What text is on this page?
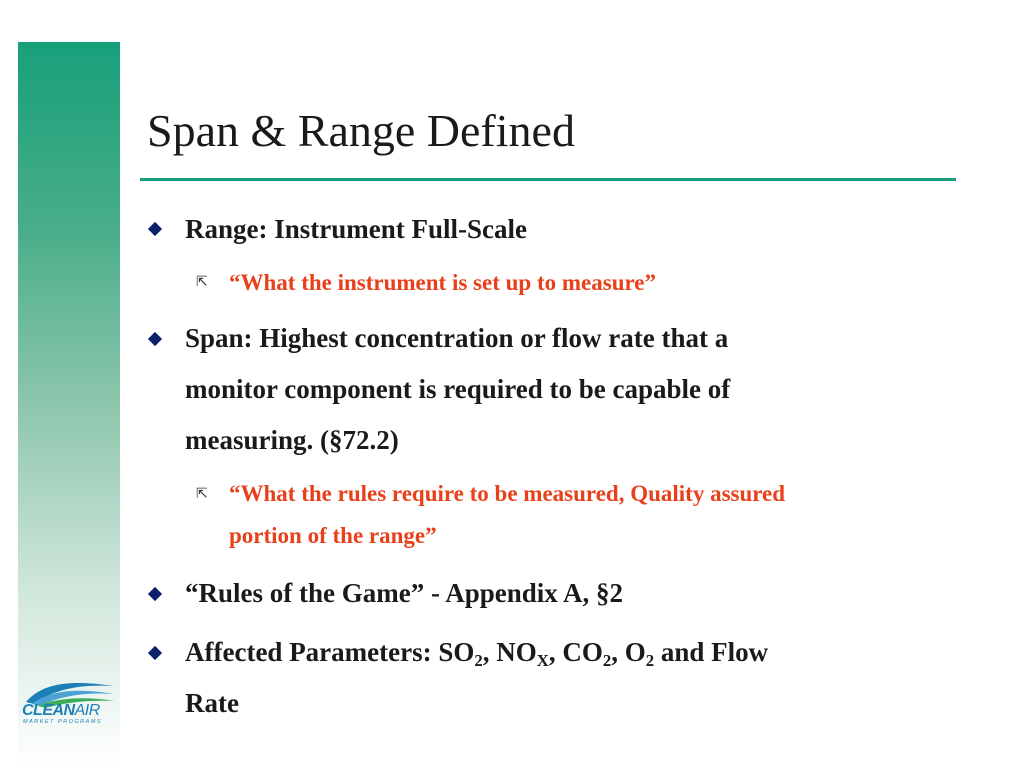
Span & Range Defined
Range: Instrument Full-Scale
⇱ “What the instrument is set up to measure”
Span: Highest concentration or flow rate that a
monitor component is required to be capable of
measuring. (§72.2)
⇱ “What the rules require to be measured, Quality assured
portion of the range”
“Rules of the Game” - Appendix A, §2
Affected Parameters: $SO_2$, $NO_X$, $CO_2$, $O_2$ and Flow
Rate
CLEANAIR
MARKET PROGRAMS
